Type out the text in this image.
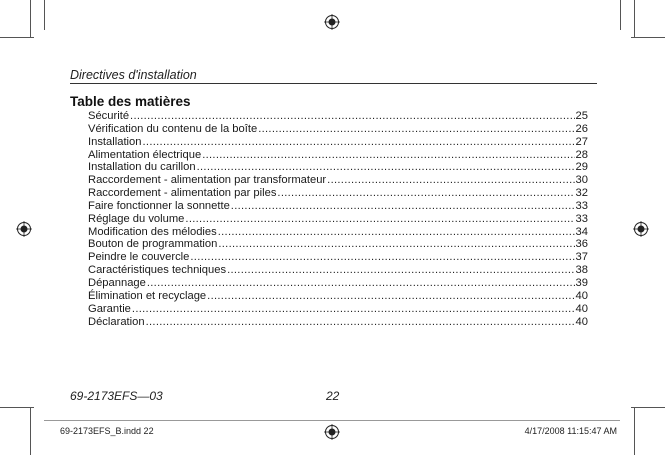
Directives d'installation
Table des matières
Sécurité .....	25
Vérification du contenu de la boîte .....	26
Installation .....	27
Alimentation électrique .....	28
Installation du carillon .....	29
Raccordement - alimentation par transformateur .....	30
Raccordement - alimentation par piles .....	32
Faire fonctionner la sonnette .....	33
Réglage du volume .....	33
Modification des mélodies .....	34
Bouton de programmation .....	36
Peindre le couvercle .....	37
Caractéristiques techniques .....	38
Dépannage .....	39
Élimination et recyclage .....	40
Garantie .....	40
Déclaration .....	40
69-2173EFS—03	22
69-2173EFS_B.indd 22	4/17/2008 11:15:47 AM
